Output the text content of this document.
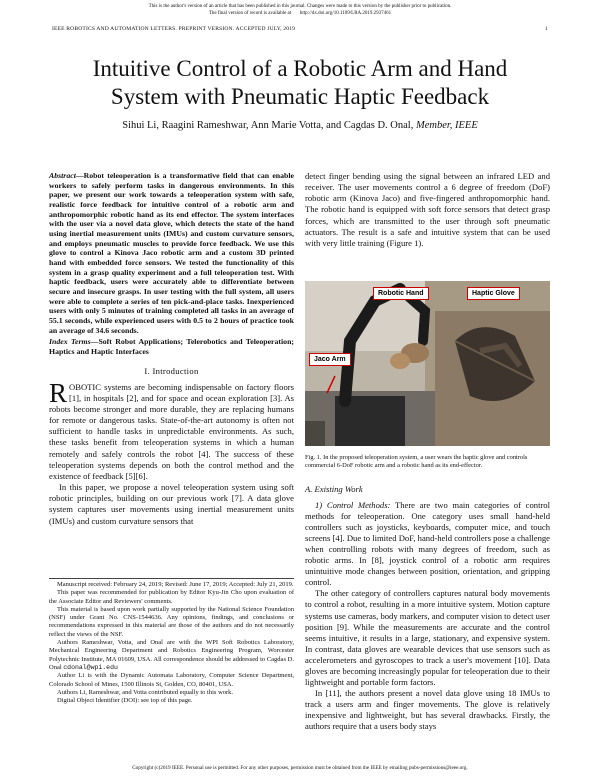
This is the author's version of an article that has been published in this journal. Changes were made to this version by the publisher prior to publication.
The final version of record is available at http://dx.doi.org/10.1109/LRA.2019.2937461
IEEE ROBOTICS AND AUTOMATION LETTERS. PREPRINT VERSION. ACCEPTED JULY, 2019	1
Intuitive Control of a Robotic Arm and Hand
System with Pneumatic Haptic Feedback
Sihui Li, Raagini Rameshwar, Ann Marie Votta, and Cagdas D. Onal, Member, IEEE
Abstract—Robot teleoperation is a transformative field that can enable workers to safely perform tasks in dangerous environments. In this paper, we present our work towards a teleoperation system with safe, realistic force feedback for intuitive control of a robotic arm and anthropomorphic robotic hand as its end effector. The system interfaces with the user via a novel data glove, which detects the state of the hand using inertial measurement units (IMUs) and custom curvature sensors, and employs pneumatic muscles to provide force feedback. We use this glove to control a Kinova Jaco robotic arm and a custom 3D printed hand with embedded force sensors. We tested the functionality of this system in a grasp quality experiment and a full teleoperation test. With haptic feedback, users were accurately able to differentiate between secure and insecure grasps. In user testing with the full system, all users were able to complete a series of ten pick-and-place tasks. Inexperienced users with only 5 minutes of training completed all tasks in an average of 55.1 seconds, while experienced users with 0.5 to 2 hours of practice took an average of 34.6 seconds.
Index Terms—Soft Robot Applications; Telerobotics and Teleoperation; Haptics and Haptic Interfaces
I. Introduction

ROBOTIC systems are becoming indispensable on factory floors [1], in hospitals [2], and for space and ocean exploration [3]. As robots become stronger and more durable, they are replacing humans for remote or dangerous tasks. State-of-the-art autonomy is often not sufficient to handle tasks in unpredictable environments. As such, these tasks benefit from teleoperation systems in which a human remotely and safely controls the robot [4]. The success of these teleoperation systems depends on both the control method and the existence of feedback [5][6].

In this paper, we propose a novel teleoperation system using soft robotic principles, building on our previous work [7]. A data glove system captures user movements using inertial measurement units (IMUs) and custom curvature sensors that

Manuscript received: February 24, 2019; Revised: June 17, 2019; Accepted: July 21, 2019.

This paper was recommended for publication by Editor Kyu-Jin Cho upon evaluation of the Associate Editor and Reviewers' comments.

This material is based upon work partially supported by the National Science Foundation (NSF) under Grant No. CNS-1544636. Any opinions, findings, and conclusions or recommendations expressed in this material are those of the authors and do not necessarily reflect the views of the NSF.

Authors Rameshwar, Votta, and Onal are with the WPI Soft Robotics Laboratory, Mechanical Engineering Department and Robotics Engineering Program, Worcester Polytechnic Institute, MA 01609, USA. All correspondence should be addressed to Cagdas D. Onal cdonal@wpi.edu

Author Li is with the Dynamic Automata Laboratory, Computer Science Department, Colorado School of Mines, 1500 Illinois St, Golden, CO, 80401, USA.

Authors Li, Rameshwar, and Votta contributed equally to this work.

Digital Object Identifier (DOI): see top of this page.

detect finger bending using the signal between an infrared LED and receiver. The user movements control a 6 degree of freedom (DoF) robotic arm (Kinova Jaco) and five-fingered anthropomorphic hand. The robotic hand is equipped with soft force sensors that detect grasp forces, which are transmitted to the user through soft pneumatic actuators. The result is a safe and intuitive system that can be used with very little training (Figure 1).

Robotic Hand	Haptic Glove
Jaco Arm
Fig. 1. In the proposed teleoperation system, a user wears the haptic glove and controls commercial 6-DoF robotic arm and a robotic hand as its end-effector.
A. Existing Work

1) Control Methods: There are two main categories of control methods for teleoperation. One category uses small hand-held controllers such as joysticks, keyboards, computer mice, and touch screens [4]. Due to limited DoF, hand-held controllers pose a challenge when controlling robots with many degrees of freedom, such as robotic arms. In [8], joystick control of a robotic arm requires unintuitive mode changes between position, orientation, and gripping control.

The other category of controllers captures natural body movements to control a robot, resulting in a more intuitive system. Motion capture systems use cameras, body markers, and computer vision to detect user position [9]. While the measurements are accurate and the control seems intuitive, it results in a large, stationary, and expensive system. In contrast, data gloves are wearable devices that use sensors such as accelerometers and gyroscopes to track a user's movement [10]. Data gloves are becoming increasingly popular for teleoperation due to their lightweight and portable form factors.

In [11], the authors present a novel data glove using 18 IMUs to track a users arm and finger movements. The glove is relatively inexpensive and lightweight, but has several drawbacks. Firstly, the authors require that a users body stays

Copyright (c)2019 IEEE. Personal use is permitted. For any other purposes, permission must be obtained from the IEEE by emailing pubs-permissions@ieee.org.
